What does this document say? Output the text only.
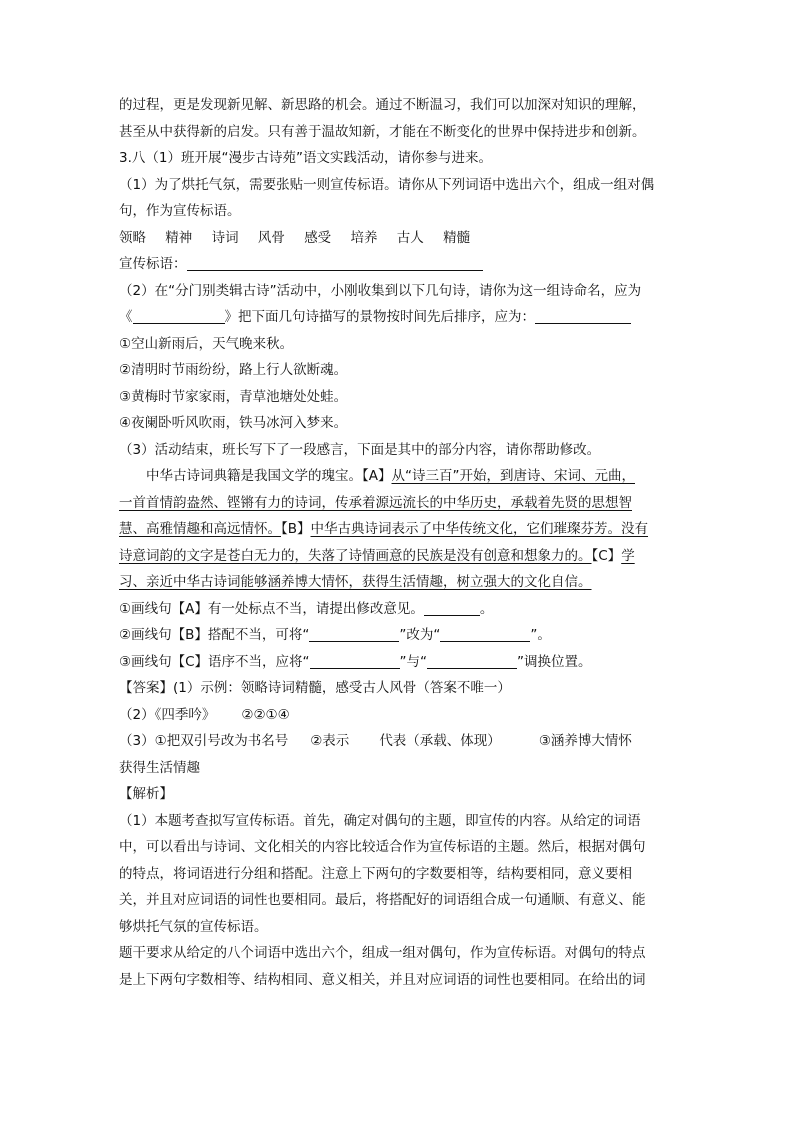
的过程，更是发现新见解、新思路的机会。通过不断温习，我们可以加深对知识的理解，
甚至从中获得新的启发。只有善于温故知新，才能在不断变化的世界中保持进步和创新。
3.八（1）班开展“漫步古诗苑”语文实践活动，请你参与进来。
（1）为了烘托气氛，需要张贴一则宣传标语。请你从下列词语中选出六个，组成一组对偶
句，作为宣传标语。
领略 精神 诗词 风骨 感受 培养 古人 精髓
宣传标语：
（2）在“分门别类辑古诗”活动中，小刚收集到以下几句诗，请你为这一组诗命名，应为
《	》把下面几句诗描写的景物按时间先后排序，应为：
①空山新雨后，天气晚来秋。
②清明时节雨纷纷，路上行人欲断魂。
③黄梅时节家家雨，青草池塘处处蛙。
④夜阑卧听风吹雨，铁马冰河入梦来。
（3）活动结束，班长写下了一段感言，下面是其中的部分内容，请你帮助修改。
中华古诗词典籍是我国文学的瑰宝。【A】从“诗三百”开始，到唐诗、宋词、元曲，
一首首情韵盎然、铿锵有力的诗词，传承着源远流长的中华历史，承载着先贤的思想智
慧、高雅情趣和高远情怀。【B】中华古典诗词表示了中华传统文化，它们璀璨芬芳。没有
诗意词韵的文字是苍白无力的，失落了诗情画意的民族是没有创意和想象力的。【C】学
习、亲近中华古诗词能够涵养博大情怀，获得生活情趣，树立强大的文化自信。
①画线句【A】有一处标点不当，请提出修改意见。	。
②画线句【B】搭配不当，可将“	”改为“	”。
③画线句【C】语序不当，应将“	”与“	”调换位置。
【答案】(1）示例：领略诗词精髓，感受古人风骨（答案不唯一）
（2）《四季吟》 ②②①④
（3）①把双引号改为书名号 ②表示 代表（承载、体现）	③涵养博大情怀
获得生活情趣
【解析】
（1）本题考查拟写宣传标语。首先，确定对偶句的主题，即宣传的内容。从给定的词语
中，可以看出与诗词、文化相关的内容比较适合作为宣传标语的主题。然后，根据对偶句
的特点，将词语进行分组和搭配。注意上下两句的字数要相等，结构要相同，意义要相
关，并且对应词语的词性也要相同。最后，将搭配好的词语组合成一句通顺、有意义、能
够烘托气氛的宣传标语。
题干要求从给定的八个词语中选出六个，组成一组对偶句，作为宣传标语。对偶句的特点
是上下两句字数相等、结构相同、意义相关，并且对应词语的词性也要相同。在给出的词
